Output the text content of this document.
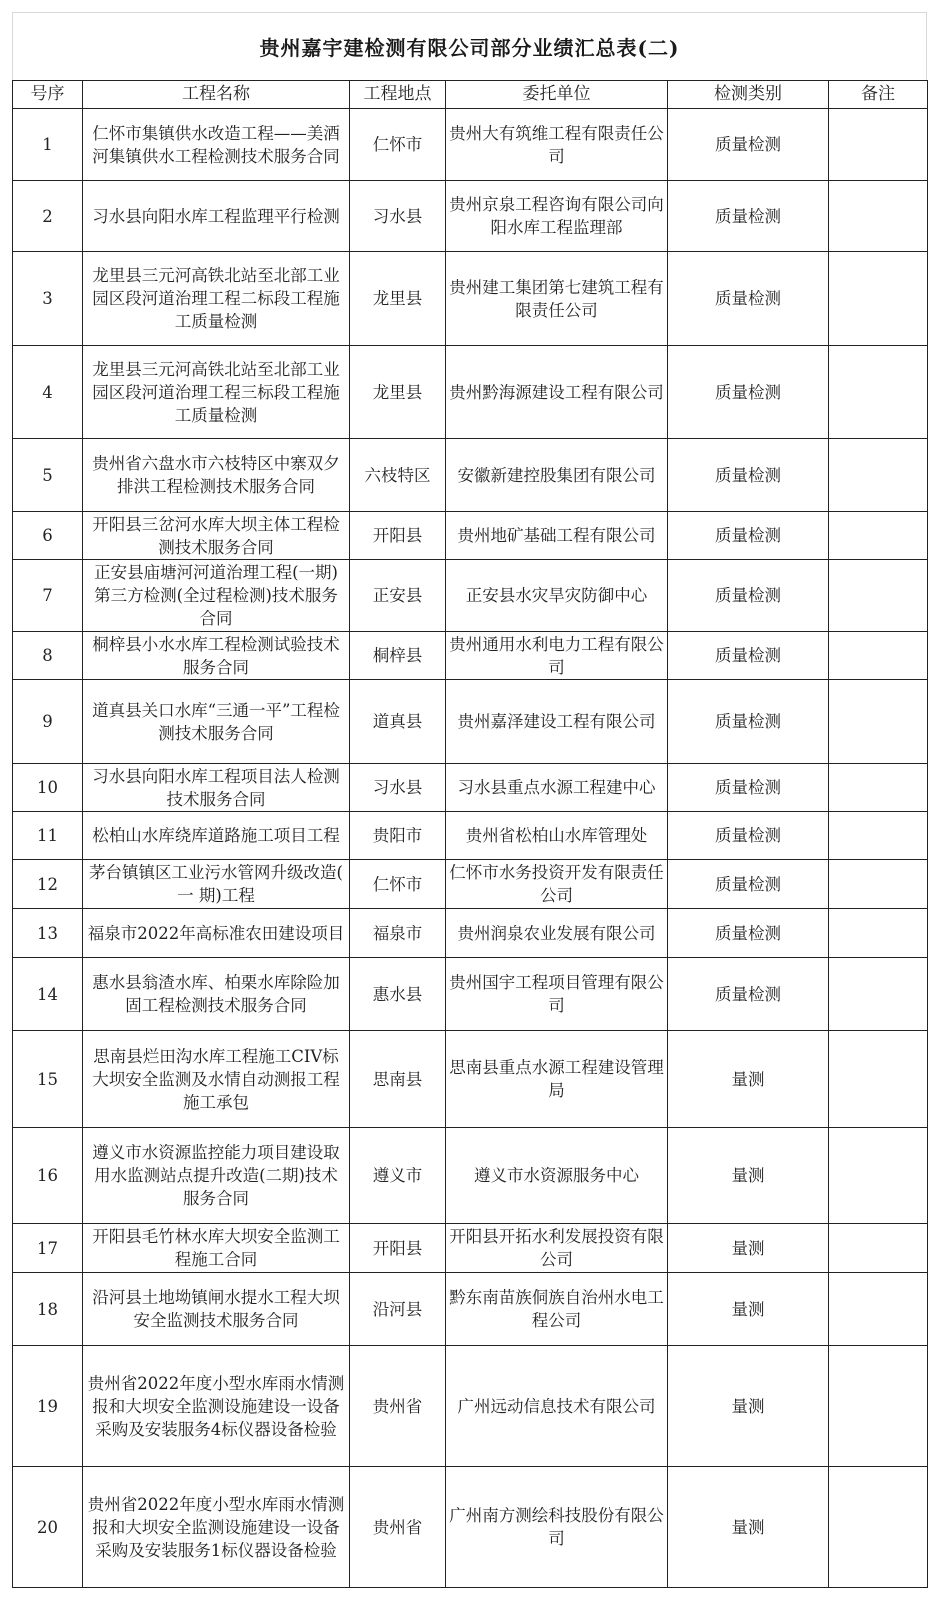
贵州嘉宇建检测有限公司部分业绩汇总表(二)
号序	工程名称	工程地点	委托单位	检测类别	备注
1	仁怀市集镇供水改造工程——美酒河集镇供水工程检测技术服务合同	仁怀市	贵州大有筑维工程有限责任公司	质量检测	
2	习水县向阳水库工程监理平行检测	习水县	贵州京泉工程咨询有限公司向阳水库工程监理部	质量检测	
3	龙里县三元河高铁北站至北部工业园区段河道治理工程二标段工程施工质量检测	龙里县	贵州建工集团第七建筑工程有限责任公司	质量检测	
4	龙里县三元河高铁北站至北部工业园区段河道治理工程三标段工程施工质量检测	龙里县	贵州黔海源建设工程有限公司	质量检测	
5	贵州省六盘水市六枝特区中寨双夕排洪工程检测技术服务合同	六枝特区	安徽新建控股集团有限公司	质量检测	
6	开阳县三岔河水库大坝主体工程检测技术服务合同	开阳县	贵州地矿基础工程有限公司	质量检测	
7	正安县庙塘河河道治理工程(一期)第三方检测(全过程检测)技术服务合同	正安县	正安县水灾旱灾防御中心	质量检测	
8	桐梓县小水水库工程检测试验技术服务合同	桐梓县	贵州通用水利电力工程有限公司	质量检测	
9	道真县关口水库“三通一平”工程检测技术服务合同	道真县	贵州嘉泽建设工程有限公司	质量检测	
10	习水县向阳水库工程项目法人检测技术服务合同	习水县	习水县重点水源工程建中心	质量检测	
11	松柏山水库绕库道路施工项目工程	贵阳市	贵州省松柏山水库管理处	质量检测	
12	茅台镇镇区工业污水管网升级改造( 一 期)工程	仁怀市	仁怀市水务投资开发有限责任公司	质量检测	
13	福泉市2022年高标准农田建设项目	福泉市	贵州润泉农业发展有限公司	质量检测	
14	惠水县翁渣水库、柏栗水库除险加固工程检测技术服务合同	惠水县	贵州国宇工程项目管理有限公司	质量检测	
15	思南县烂田沟水库工程施工CIV标大坝安全监测及水情自动测报工程施工承包	思南县	思南县重点水源工程建设管理局	量测	
16	遵义市水资源监控能力项目建设取用水监测站点提升改造(二期)技术服务合同	遵义市	遵义市水资源服务中心	量测	
17	开阳县毛竹林水库大坝安全监测工程施工合同	开阳县	开阳县开拓水利发展投资有限公司	量测	
18	沿河县土地坳镇闸水提水工程大坝安全监测技术服务合同	沿河县	黔东南苗族侗族自治州水电工程公司	量测	
19	贵州省2022年度小型水库雨水情测报和大坝安全监测设施建设一设备采购及安装服务4标仪器设备检验	贵州省	广州远动信息技术有限公司	量测	
20	贵州省2022年度小型水库雨水情测报和大坝安全监测设施建设一设备采购及安装服务1标仪器设备检验	贵州省	广州南方测绘科技股份有限公司	量测	
